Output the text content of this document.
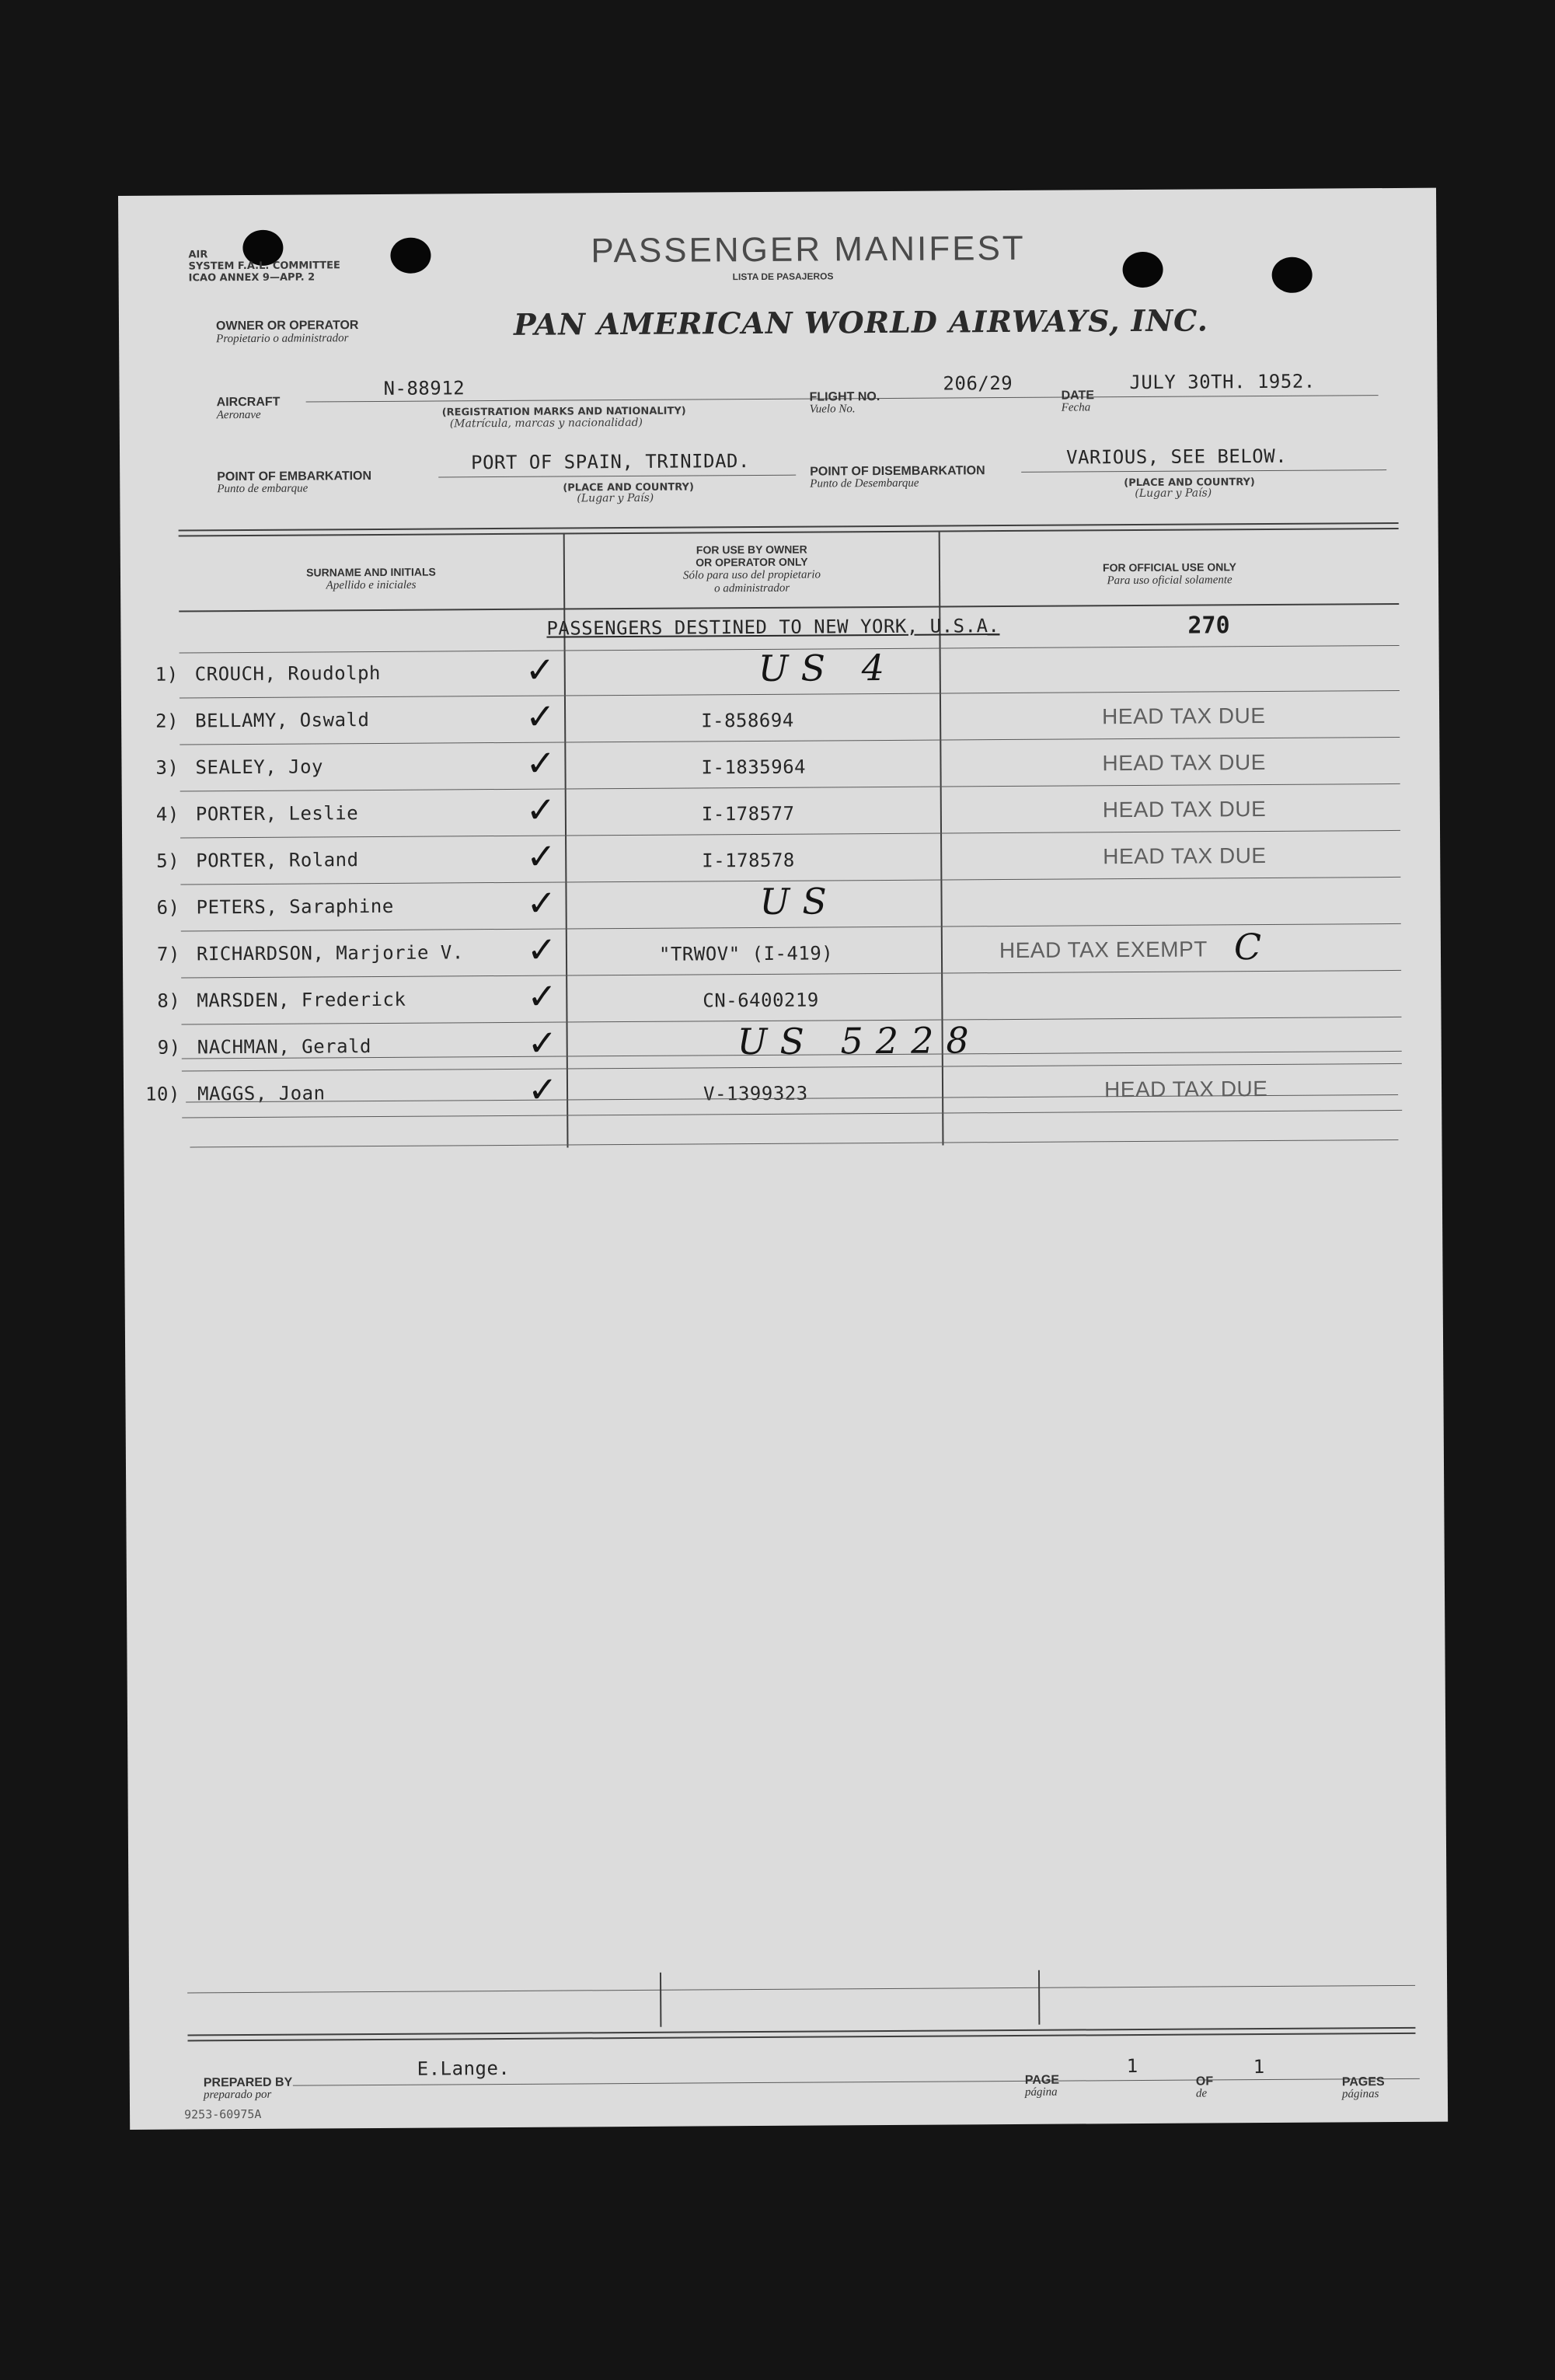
AIR
SYSTEM F.A.L. COMMITTEE
ICAO ANNEX 9—APP. 2
PASSENGER MANIFEST
LISTA DE PASAJEROS
OWNER OR OPERATOR
Propietario o administrador	PAN AMERICAN WORLD AIRWAYS, INC.
AIRCRAFT
Aeronave
N-88912
(REGISTRATION MARKS AND NATIONALITY)
(Matrícula, marcas y nacionalidad)
FLIGHT NO.
Vuelo No.
206/29
DATE
Fecha
JULY 30TH. 1952.
POINT OF EMBARKATION
Punto de embarque
PORT OF SPAIN, TRINIDAD.
(PLACE AND COUNTRY)
(Lugar y País)
POINT OF DISEMBARKATION
Punto de Desembarque
VARIOUS, SEE BELOW.
(PLACE AND COUNTRY)
(Lugar y País)
SURNAME AND INITIALS
Apellido e iniciales
FOR USE BY OWNER
OR OPERATOR ONLY
Sólo para uso del propietario
o administrador
FOR OFFICIAL USE ONLY
Para uso oficial solamente
PASSENGERS DESTINED TO NEW YORK, U.S.A.	270
1) CROUCH, Roudolph	✓	US 4
2) BELLAMY, Oswald	✓	I-858694	HEAD TAX DUE
3) SEALEY, Joy	✓	I-1835964	HEAD TAX DUE
4) PORTER, Leslie	✓	I-178577	HEAD TAX DUE
5) PORTER, Roland	✓	I-178578	HEAD TAX DUE
6) PETERS, Saraphine	✓	US
7) RICHARDSON, Marjorie V. ✓	"TRWOV" (I-419)	HEAD TAX EXEMPT C
8) MARSDEN, Frederick	✓	CN-6400219
9) NACHMAN, Gerald	✓	US 5228
10) MAGGS, Joan	✓	V-1399323	HEAD TAX DUE
PREPARED BY
preparado por
E.Lange.
PAGE
página
1
OF
de
1
PAGES
páginas
9253-60975A
